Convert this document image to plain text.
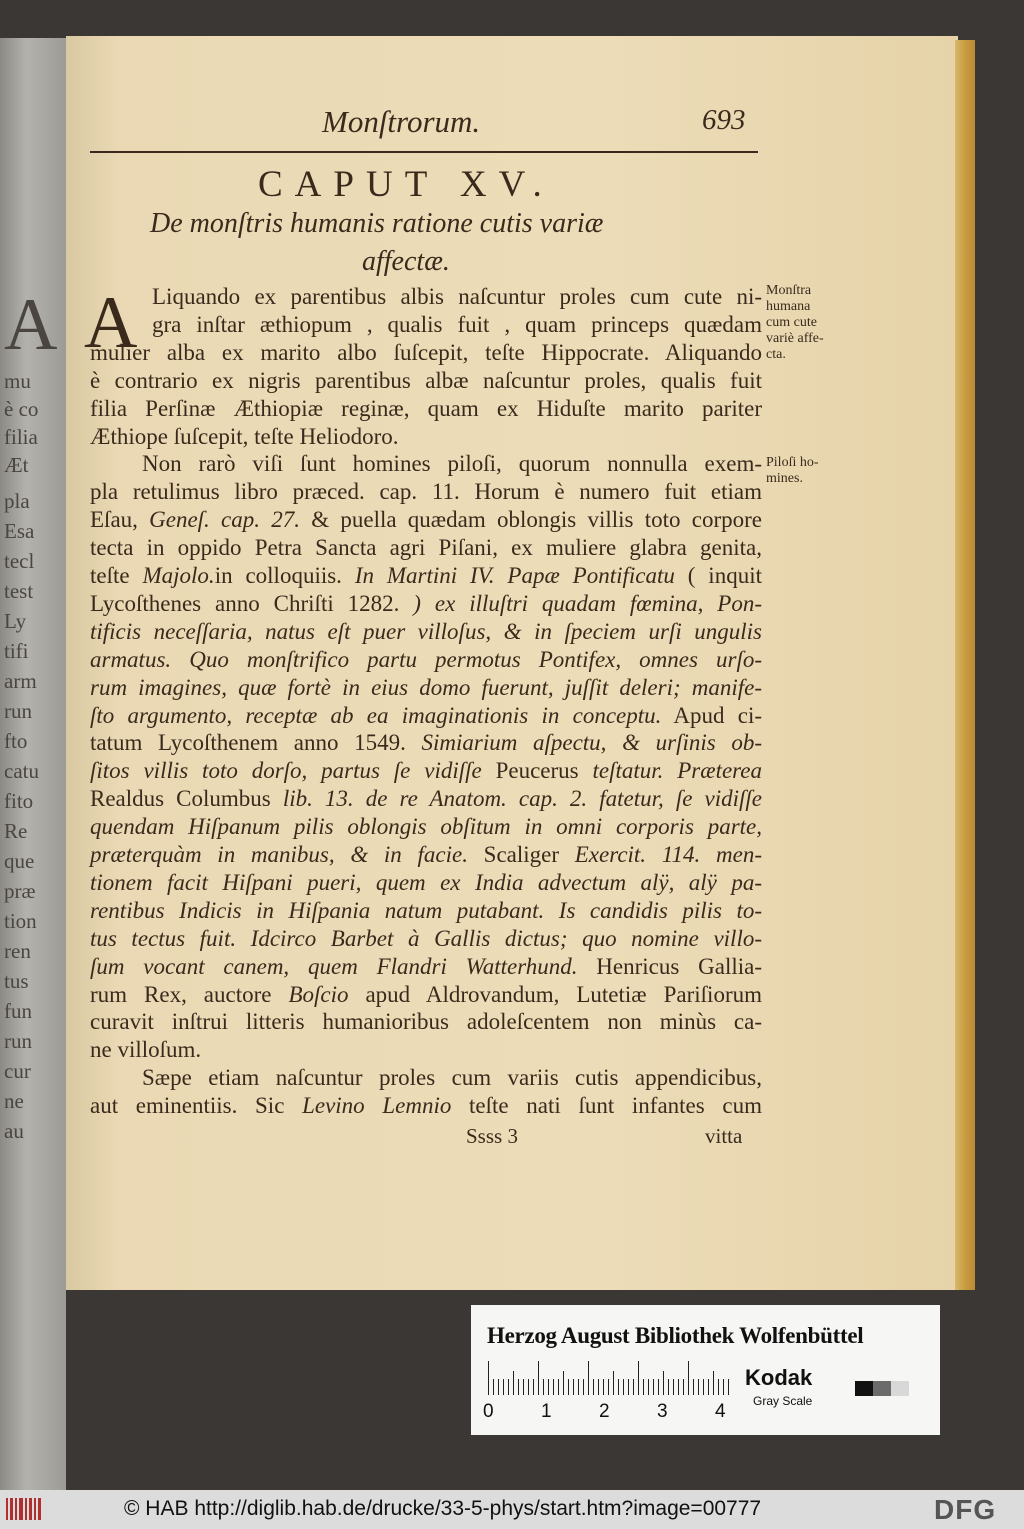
A
mu
è co
filia
Æt
pla
Esa
tecl
test
Ly
tifi
arm
run
fto
catu
fito
Re
que
præ
tion
ren
tus
fun
run
cur
ne
au
Monſtrorum.	693
CAPUT XV.
De monſtris humanis ratione cutis variæ
affectæ.
A Liquando ex parentibus albis naſcuntur proles cum cute ni-
gra inſtar æthiopum , qualis fuit , quam princeps quædam
mulier alba ex marito albo ſuſcepit, teſte Hippocrate. Aliquando
è contrario ex nigris parentibus albæ naſcuntur proles, qualis fuit
filia Perſinæ Æthiopiæ reginæ, quam ex Hiduſte marito pariter
Æthiope ſuſcepit, teſte Heliodoro.
Non rarò viſi ſunt homines piloſi, quorum nonnulla exem-
pla retulimus libro præced. cap. 11. Horum è numero fuit etiam
Eſau, Geneſ. cap. 27. & puella quædam oblongis villis toto corpore
tecta in oppido Petra Sancta agri Piſani, ex muliere glabra genita,
teſte Majolo.in colloquiis. In Martini IV. Papæ Pontificatu ( inquit
Lycoſthenes anno Chriſti 1282. ) ex illuſtri quadam fœmina, Pon-
tificis neceſſaria, natus eſt puer villoſus, & in ſpeciem urſi ungulis
armatus. Quo monſtrifico partu permotus Pontifex, omnes urſo-
rum imagines, quæ fortè in eius domo fuerunt, juſſit deleri; manife-
ſto argumento, receptæ ab ea imaginationis in conceptu. Apud ci-
tatum Lycoſthenem anno 1549. Simiarium aſpectu, & urſinis ob-
ſitos villis toto dorſo, partus ſe vidiſſe Peucerus teſtatur. Præterea
Realdus Columbus lib. 13. de re Anatom. cap. 2. fatetur, ſe vidiſſe
quendam Hiſpanum pilis oblongis obſitum in omni corporis parte,
præterquàm in manibus, & in facie. Scaliger Exercit. 114. men-
tionem facit Hiſpani pueri, quem ex India advectum alÿ, alÿ pa-
rentibus Indicis in Hiſpania natum putabant. Is candidis pilis to-
tus tectus fuit. Idcirco Barbet à Gallis dictus; quo nomine villo-
ſum vocant canem, quem Flandri Watterhund. Henricus Gallia-
rum Rex, auctore Boſcio apud Aldrovandum, Lutetiæ Pariſiorum
curavit inſtrui litteris humanioribus adoleſcentem non minùs ca-
ne villoſum.
Sæpe etiam naſcuntur proles cum variis cutis appendicibus,
aut eminentiis. Sic Levino Lemnio teſte nati ſunt infantes cum
Monſtra
humana
cum cute
variè affe-
cta.
Piloſi ho-
mines.
Ssss 3	vitta
Herzog August Bibliothek Wolfenbüttel
Kodak
Gray Scale
0 1 2 3 4
© HAB http://diglib.hab.de/drucke/33-5-phys/start.htm?image=00777	DFG
